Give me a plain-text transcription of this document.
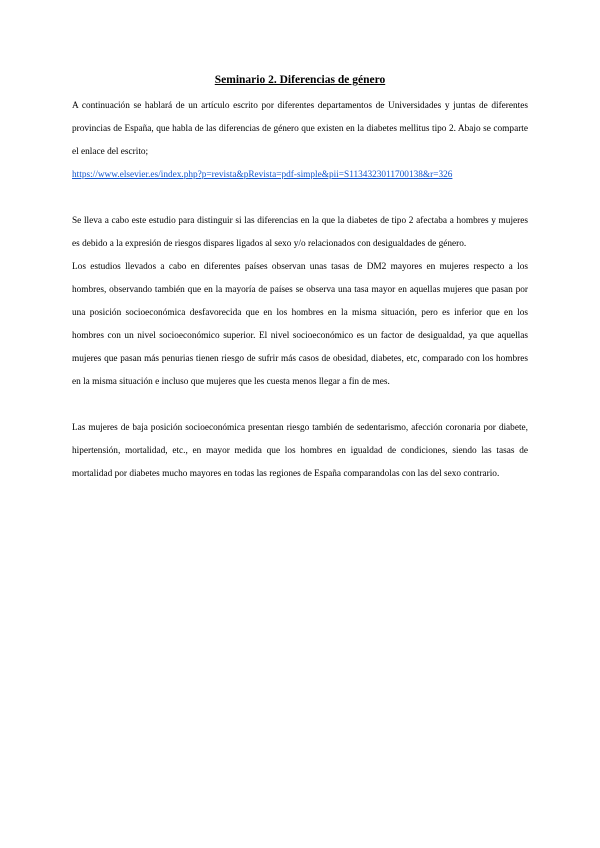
Seminario 2. Diferencias de género

A continuación se hablará de un artículo escrito por diferentes departamentos de Universidades y juntas de diferentes provincias de España, que habla de las diferencias de género que existen en la diabetes mellitus tipo 2. Abajo se comparte el enlace del escrito;

https://www.elsevier.es/index.php?p=revista&pRevista=pdf-simple&pii=S1134323011700138&r=326

Se lleva a cabo este estudio para distinguir si las diferencias en la que la diabetes de tipo 2 afectaba a hombres y mujeres es debido a la expresión de riesgos dispares ligados al sexo y/o relacionados con desigualdades de género.

Los estudios llevados a cabo en diferentes países observan unas tasas de DM2 mayores en mujeres respecto a los hombres, observando también que en la mayoría de países se observa una tasa mayor en aquellas mujeres que pasan por una posición socioeconómica desfavorecida que en los hombres en la misma situación, pero es inferior que en los hombres con un nivel socioeconómico superior. El nivel socioeconómico es un factor de desigualdad, ya que aquellas mujeres que pasan más penurias tienen riesgo de sufrir más casos de obesidad, diabetes, etc, comparado con los hombres en la misma situación e incluso que mujeres que les cuesta menos llegar a fin de mes.

Las mujeres de baja posición socioeconómica presentan riesgo también de sedentarismo, afección coronaria por diabete, hipertensión, mortalidad, etc., en mayor medida que los hombres en igualdad de condiciones, siendo las tasas de mortalidad por diabetes mucho mayores en todas las regiones de España comparandolas con las del sexo contrario.
